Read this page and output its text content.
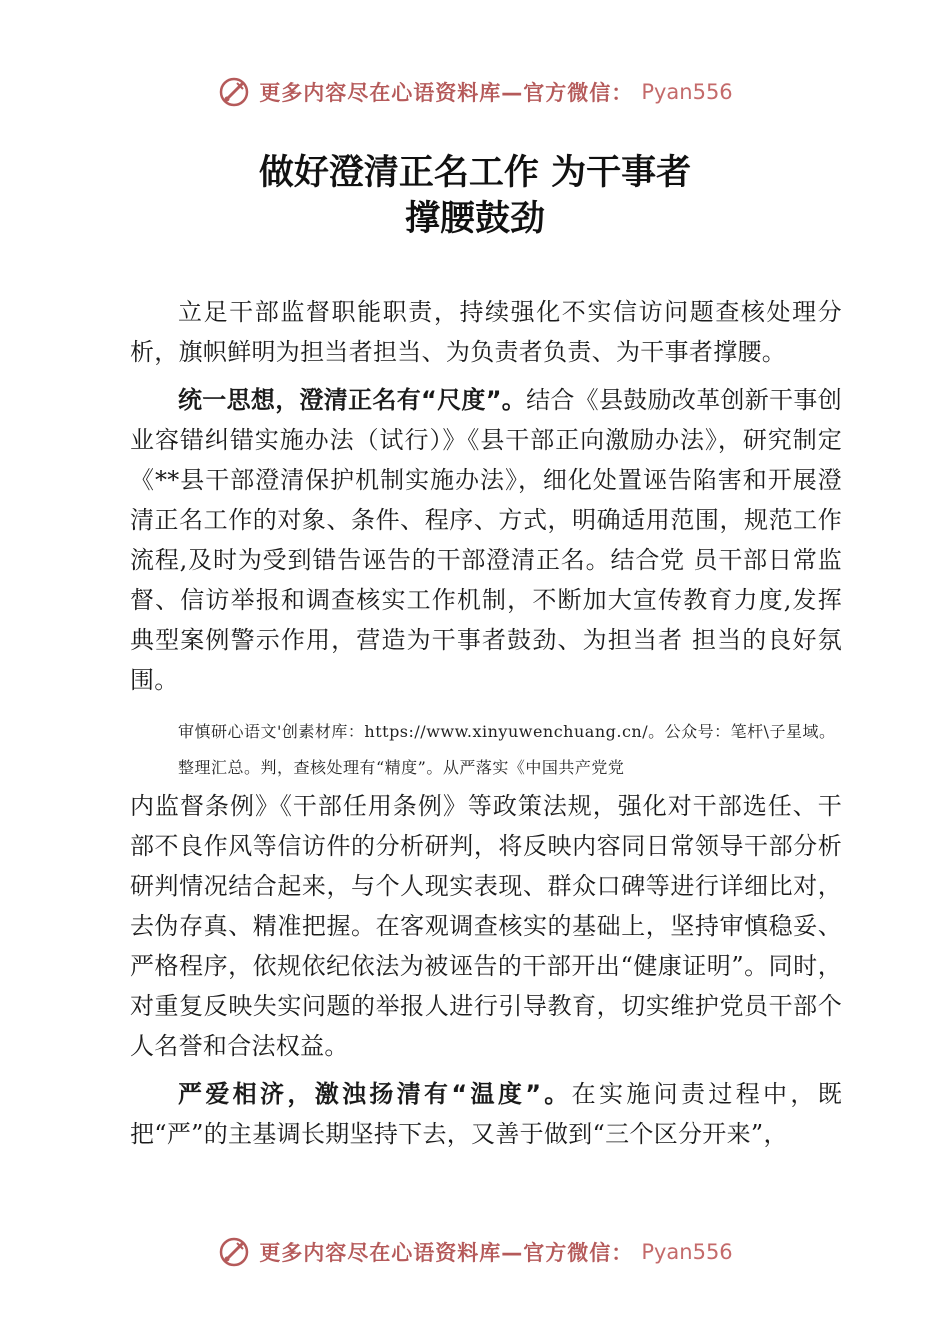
更多内容尽在心语资料库—官方微信： Pyan556
做好澄清正名工作 为干事者
撑腰鼓劲

立足干部监督职能职责，持续强化不实信访问题查核处理分析，旗帜鲜明为担当者担当、为负责者负责、为干事者撑腰。

统一思想，澄清正名有“尺度”。结合《县鼓励改革创新干事创业容错纠错实施办法（试行）》《县干部正向激励办法》，研究制定《**县干部澄清保护机制实施办法》，细化处置诬告陷害和开展澄清正名工作的对象、条件、程序、方式，明确适用范围，规范工作流程,及时为受到错告诬告的干部澄清正名。结合党 员干部日常监督、信访举报和调查核实工作机制，不断加大宣传教育力度,发挥典型案例警示作用，营造为干事者鼓劲、为担当者 担当的良好氛围。

审慎研心语文'创素材库：https://www.xinyuwenchuang.cn/。公众号：笔杆\子星域。
整理汇总。判，查核处理有“精度”。从严落实《中国共产党党

内监督条例》《干部任用条例》等政策法规，强化对干部选任、干部不良作风等信访件的分析研判，将反映内容同日常领导干部分析研判情况结合起来，与个人现实表现、群众口碑等进行详细比对，去伪存真、精准把握。在客观调查核实的基础上，坚持审慎稳妥、严格程序，依规依纪依法为被诬告的干部开出“健康证明”。同时，对重复反映失实问题的举报人进行引导教育，切实维护党员干部个人名誉和合法权益。

严爱相济，激浊扬清有“温度”。在实施问责过程中，既把“严”的主基调长期坚持下去，又善于做到“三个区分开来”，

更多内容尽在心语资料库—官方微信： Pyan556
